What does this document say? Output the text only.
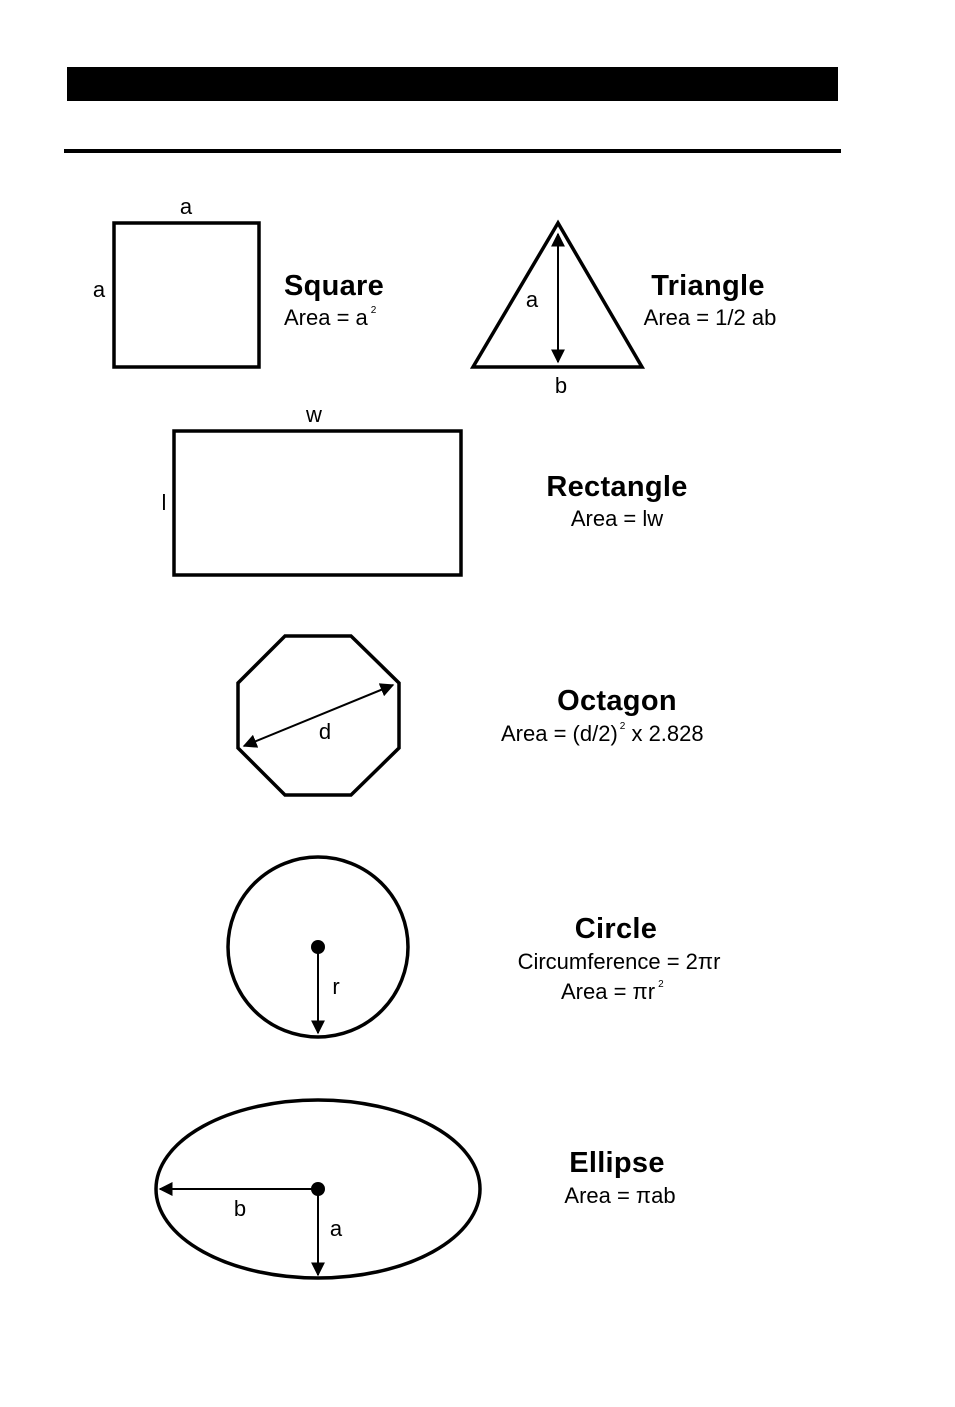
a
a	Square
Area = a $^2$	a
b
Triangle
Area = 1/2 ab
w
l	Rectangle
Area = lw
d
Octagon
Area = (d/2) $^2$ x 2.828
r
Circle
Circumference = 2πr
Area = πr $^2$
b
a
Ellipse
Area = πab
